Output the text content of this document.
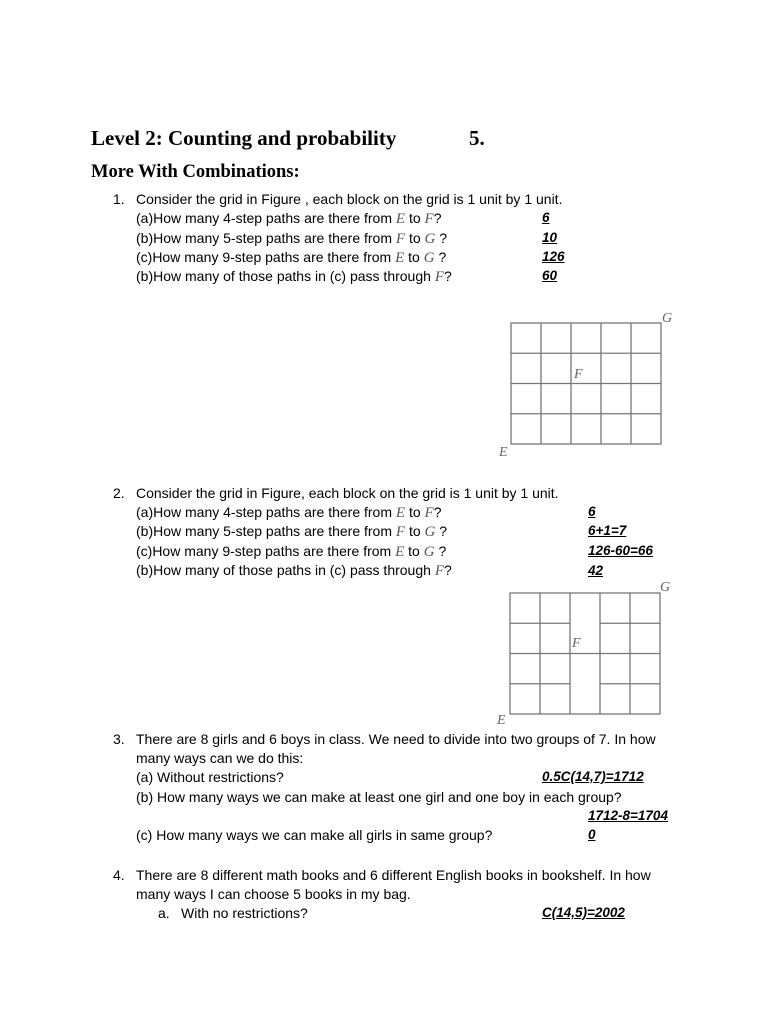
Level 2: Counting and probability	5.
More With Combinations:
1. Consider the grid in Figure , each block on the grid is 1 unit by 1 unit.
(a)How many 4-step paths are there from E to F?	6
(b)How many 5-step paths are there from F to G ?	10
(c)How many 9-step paths are there from E to G ?	126
(b)How many of those paths in (c) pass through F?	60
G
F
E
2. Consider the grid in Figure, each block on the grid is 1 unit by 1 unit.
(a)How many 4-step paths are there from E to F?	6
(b)How many 5-step paths are there from F to G ?	6+1=7
(c)How many 9-step paths are there from E to G ?	126-60=66
(b)How many of those paths in (c) pass through F?	42
G
F
E
3. There are 8 girls and 6 boys in class. We need to divide into two groups of 7. In how
many ways can we do this:
(a) Without restrictions?	0.5C(14,7)=1712
(b) How many ways we can make at least one girl and one boy in each group?
1712-8=1704
(c) How many ways we can make all girls in same group?	0
4. There are 8 different math books and 6 different English books in bookshelf. In how
many ways I can choose 5 books in my bag.
a. With no restrictions?	C(14,5)=2002
